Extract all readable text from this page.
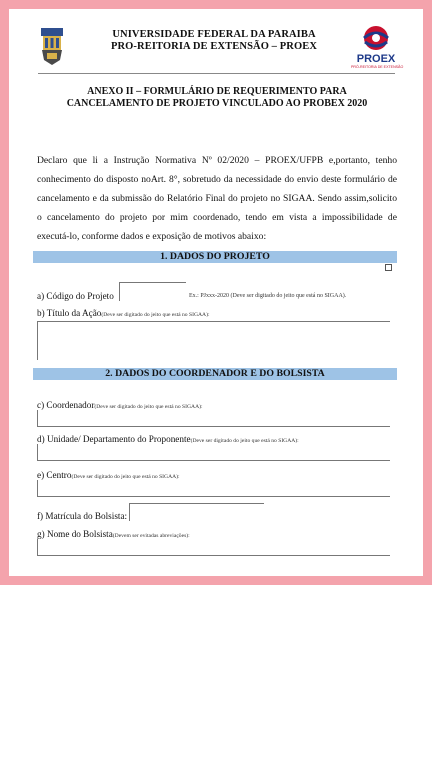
UNIVERSIDADE FEDERAL DA PARAIBA
PRO-REITORIA DE EXTENSÃO – PROEX
PROEX
PRÓ-REITORIA DE EXTENSÃO
ANEXO II – FORMULÁRIO DE REQUERIMENTO PARA
CANCELAMENTO DE PROJETO VINCULADO AO PROBEX 2020
Declaro que li a Instrução Normativa Nº 02/2020 – PROEX/UFPB e,portanto, tenho conhecimento do disposto noArt. 8°, sobretudo da necessidade do envio deste formulário de cancelamento e da submissão do Relatório Final do projeto no SIGAA. Sendo assim,solicito o cancelamento do projeto por mim coordenado, tendo em vista a impossibilidade de executá-lo, conforme dados e exposição de motivos abaixo:
1. DADOS DO PROJETO
a) Código do Projeto	Ex.: PJxxx-2020 (Deve ser digitado do jeito que está no SIGAA).
b) Título da Ação(Deve ser digitado do jeito que está no SIGAA):
2. DADOS DO COORDENADOR E DO BOLSISTA
c) Coordenador(Deve ser digitado do jeito que está no SIGAA):
d) Unidade/ Departamento do Proponente(Deve ser digitado do jeito que está no SIGAA):
e) Centro(Deve ser digitado do jeito que está no SIGAA):
f) Matrícula do Bolsista:
g) Nome do Bolsista(Devem ser evitadas abreviações):
